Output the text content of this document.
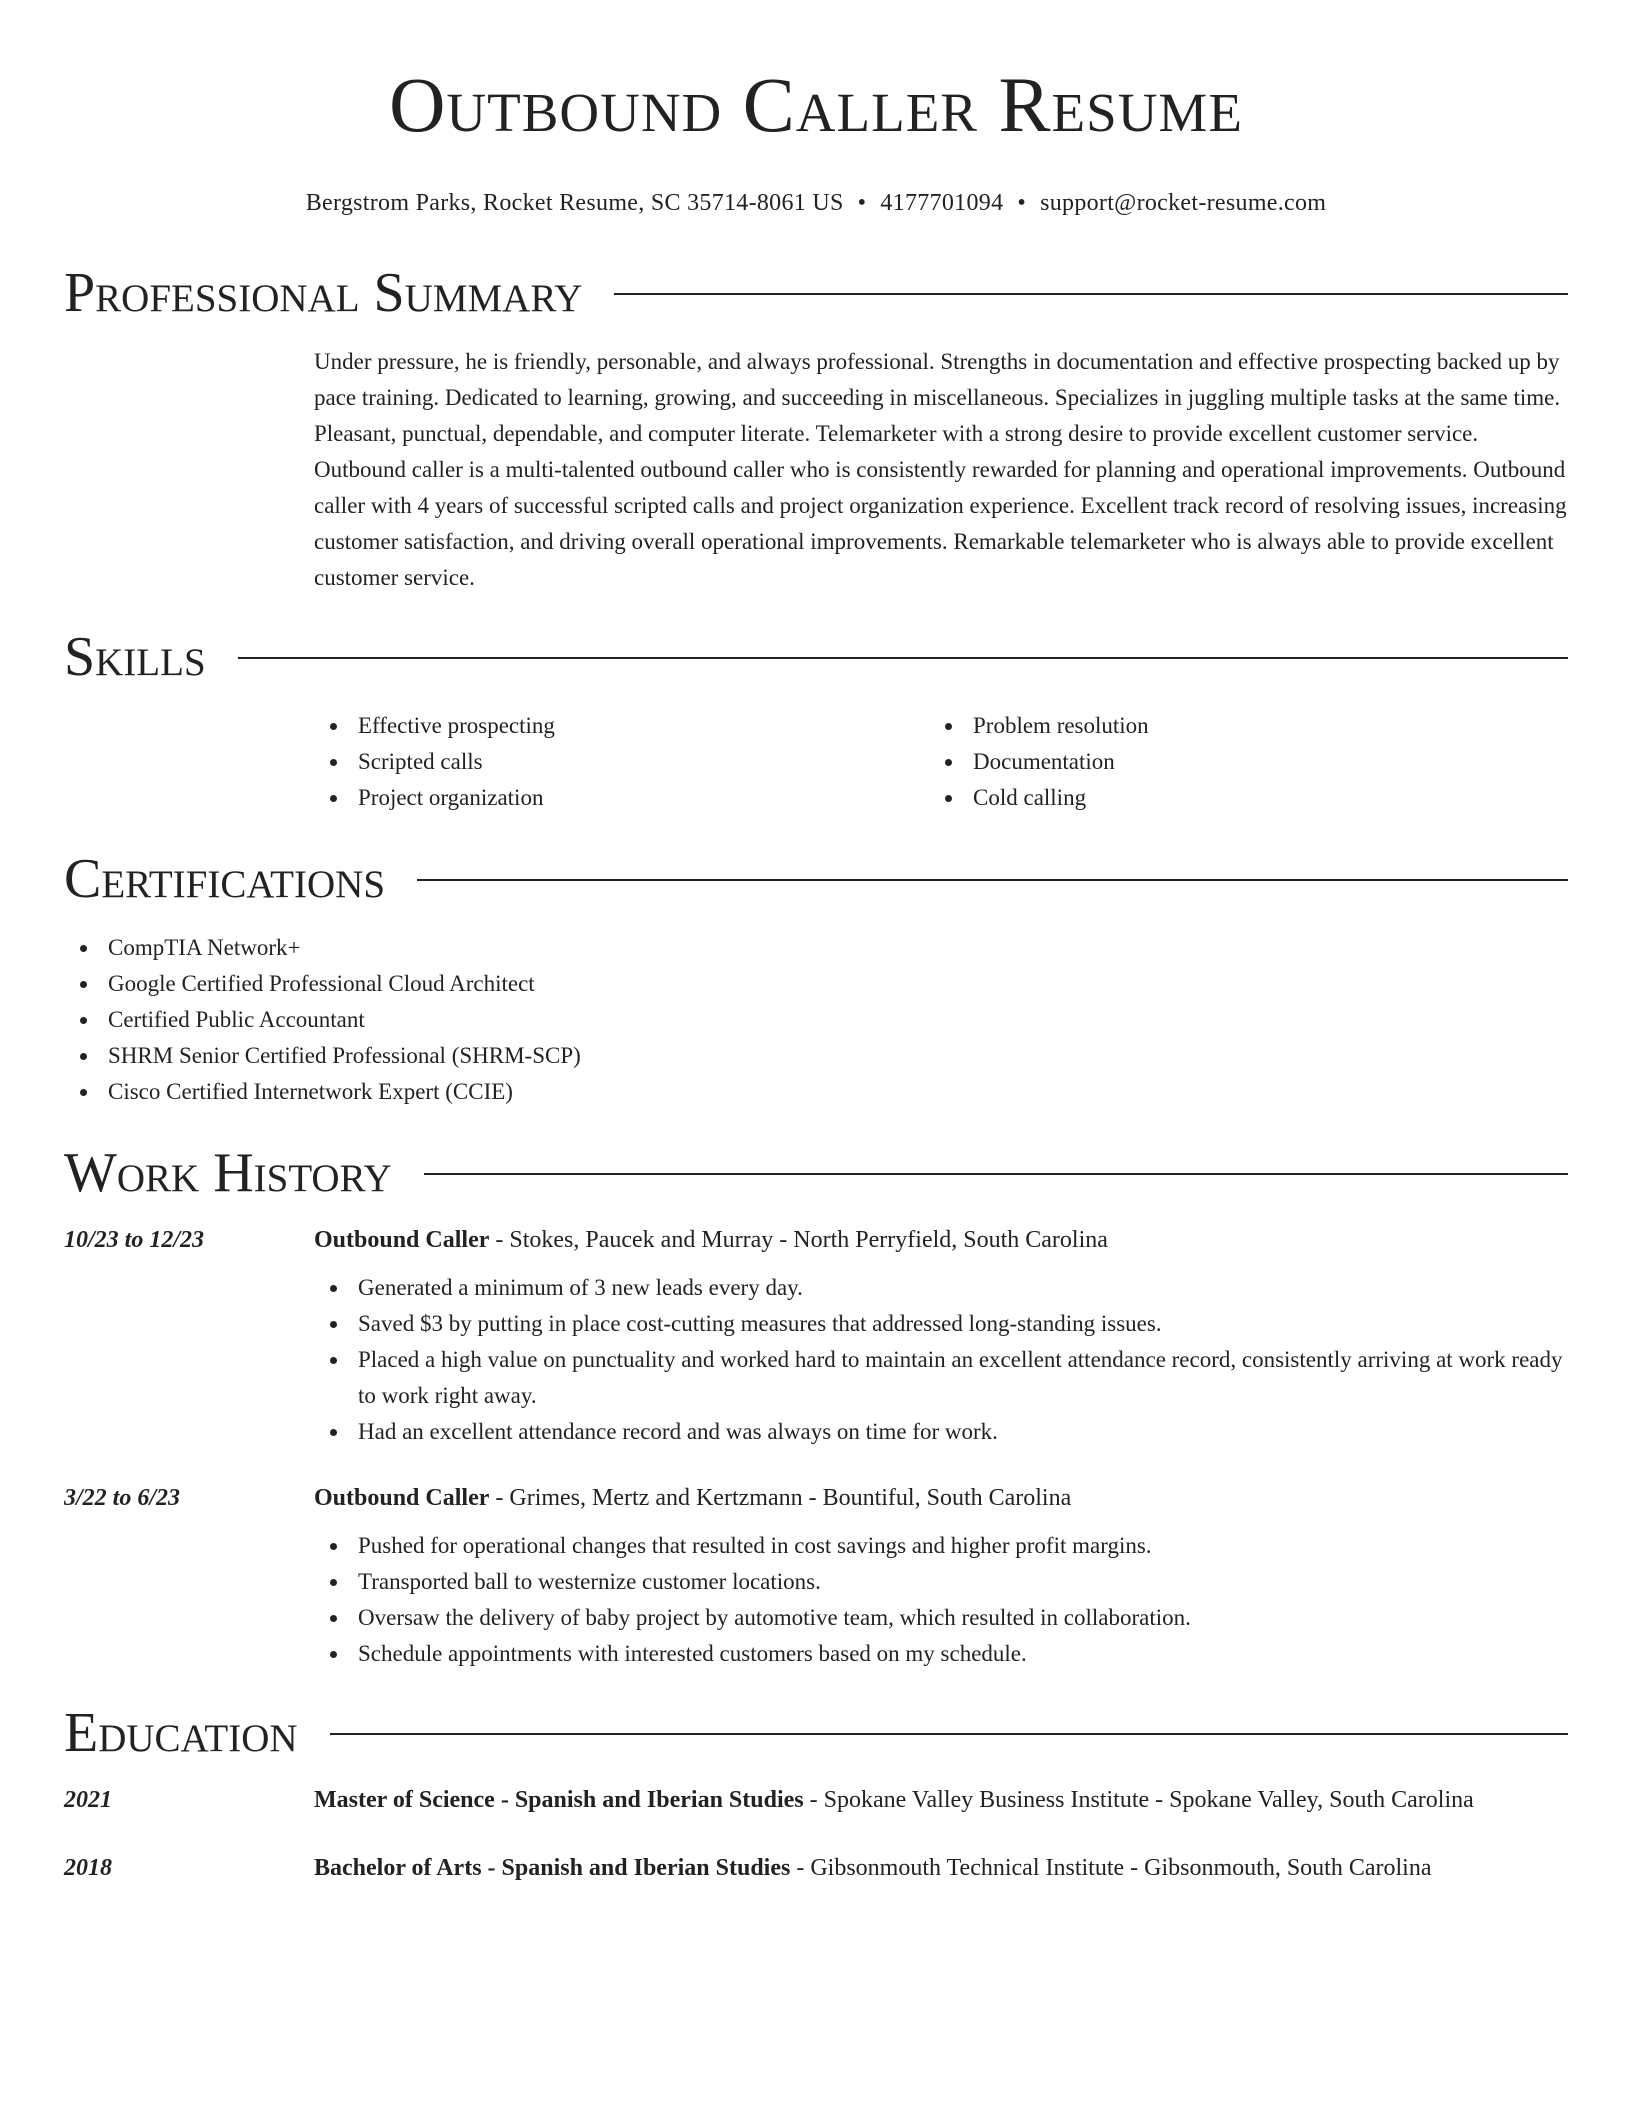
Outbound Caller Resume
Bergstrom Parks, Rocket Resume, SC 35714-8061 US • 4177701094 • support@rocket-resume.com
Professional Summary
Under pressure, he is friendly, personable, and always professional. Strengths in documentation and effective prospecting backed up by pace training. Dedicated to learning, growing, and succeeding in miscellaneous. Specializes in juggling multiple tasks at the same time. Pleasant, punctual, dependable, and computer literate. Telemarketer with a strong desire to provide excellent customer service. Outbound caller is a multi-talented outbound caller who is consistently rewarded for planning and operational improvements. Outbound caller with 4 years of successful scripted calls and project organization experience. Excellent track record of resolving issues, increasing customer satisfaction, and driving overall operational improvements. Remarkable telemarketer who is always able to provide excellent customer service.
Skills
Effective prospecting
Scripted calls
Project organization
Problem resolution
Documentation
Cold calling
Certifications
CompTIA Network+
Google Certified Professional Cloud Architect
Certified Public Accountant
SHRM Senior Certified Professional (SHRM-SCP)
Cisco Certified Internetwork Expert (CCIE)
Work History
10/23 to 12/23	Outbound Caller - Stokes, Paucek and Murray - North Perryfield, South Carolina
Generated a minimum of 3 new leads every day.
Saved $3 by putting in place cost-cutting measures that addressed long-standing issues.
Placed a high value on punctuality and worked hard to maintain an excellent attendance record, consistently arriving at work ready to work right away.
Had an excellent attendance record and was always on time for work.
3/22 to 6/23	Outbound Caller - Grimes, Mertz and Kertzmann - Bountiful, South Carolina
Pushed for operational changes that resulted in cost savings and higher profit margins.
Transported ball to westernize customer locations.
Oversaw the delivery of baby project by automotive team, which resulted in collaboration.
Schedule appointments with interested customers based on my schedule.
Education
2021	Master of Science - Spanish and Iberian Studies - Spokane Valley Business Institute - Spokane Valley, South Carolina
2018	Bachelor of Arts - Spanish and Iberian Studies - Gibsonmouth Technical Institute - Gibsonmouth, South Carolina
